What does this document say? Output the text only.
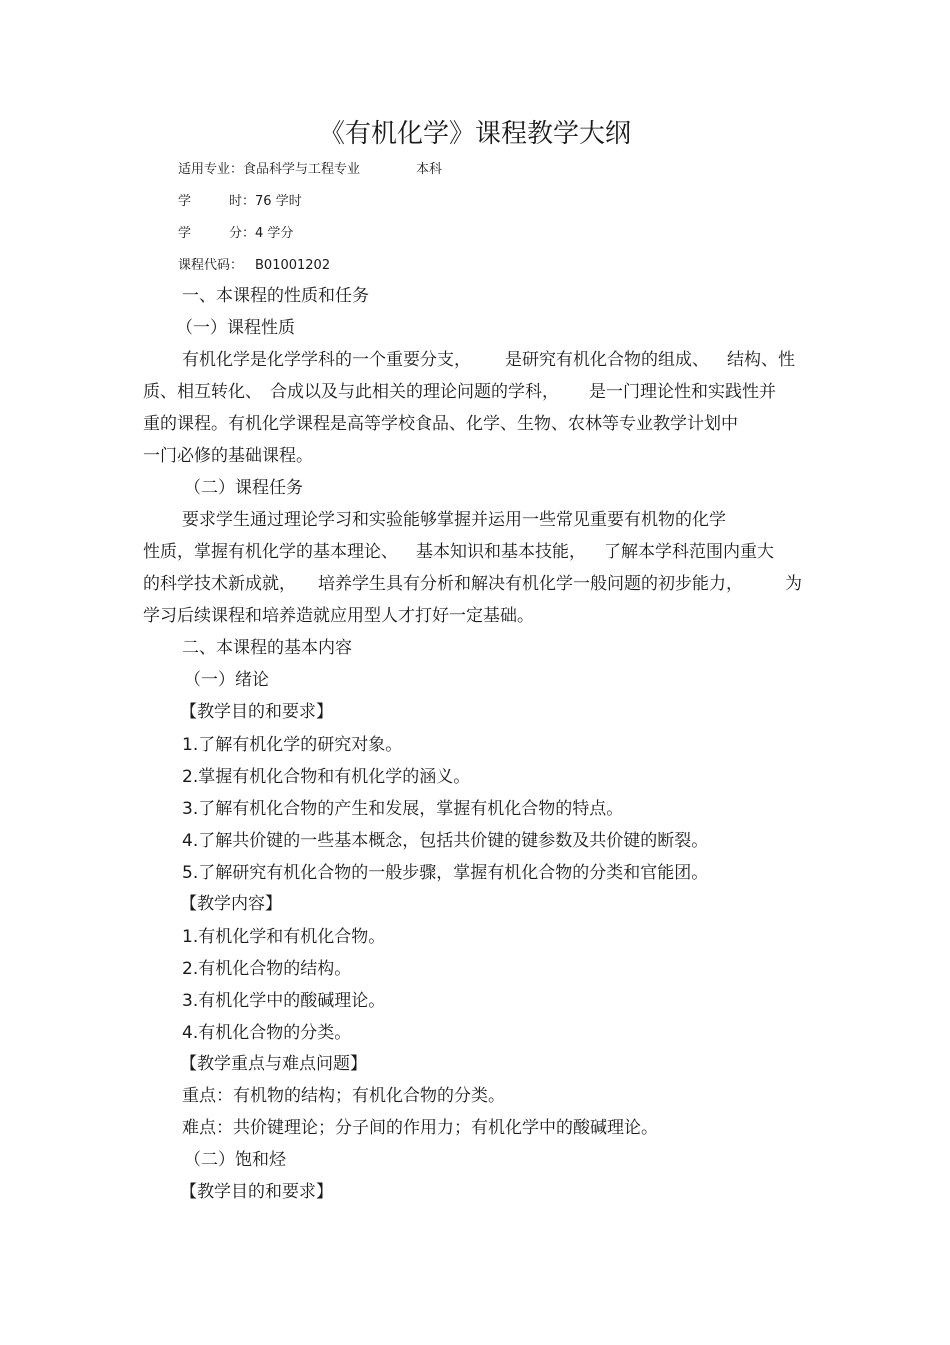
《有机化学》课程教学大纲
适用专业：食品科学与工程专业	本科
学	时：76 学时
学	分：4 学分
课程代码： B01001202
一、本课程的性质和任务
（一）课程性质
有机化学是化学学科的一个重要分支， 是研究有机化合物的组成、 结构、性
质、相互转化、 合成以及与此相关的理论问题的学科， 是一门理论性和实践性并
重的课程。有机化学课程是高等学校食品、化学、生物、农林等专业教学计划中
一门必修的基础课程。
（二）课程任务
要求学生通过理论学习和实验能够掌握并运用一些常见重要有机物的化学
性质，掌握有机化学的基本理论、 基本知识和基本技能， 了解本学科范围内重大
的科学技术新成就， 培养学生具有分析和解决有机化学一般问题的初步能力， 为
学习后续课程和培养造就应用型人才打好一定基础。
二、本课程的基本内容
（一）绪论
【教学目的和要求】
1.了解有机化学的研究对象。
2.掌握有机化合物和有机化学的涵义。
3.了解有机化合物的产生和发展，掌握有机化合物的特点。
4.了解共价键的一些基本概念，包括共价键的键参数及共价键的断裂。
5.了解研究有机化合物的一般步骤，掌握有机化合物的分类和官能团。
【教学内容】
1.有机化学和有机化合物。
2.有机化合物的结构。
3.有机化学中的酸碱理论。
4.有机化合物的分类。
【教学重点与难点问题】
重点：有机物的结构；有机化合物的分类。
难点：共价键理论；分子间的作用力；有机化学中的酸碱理论。
（二）饱和烃
【教学目的和要求】
